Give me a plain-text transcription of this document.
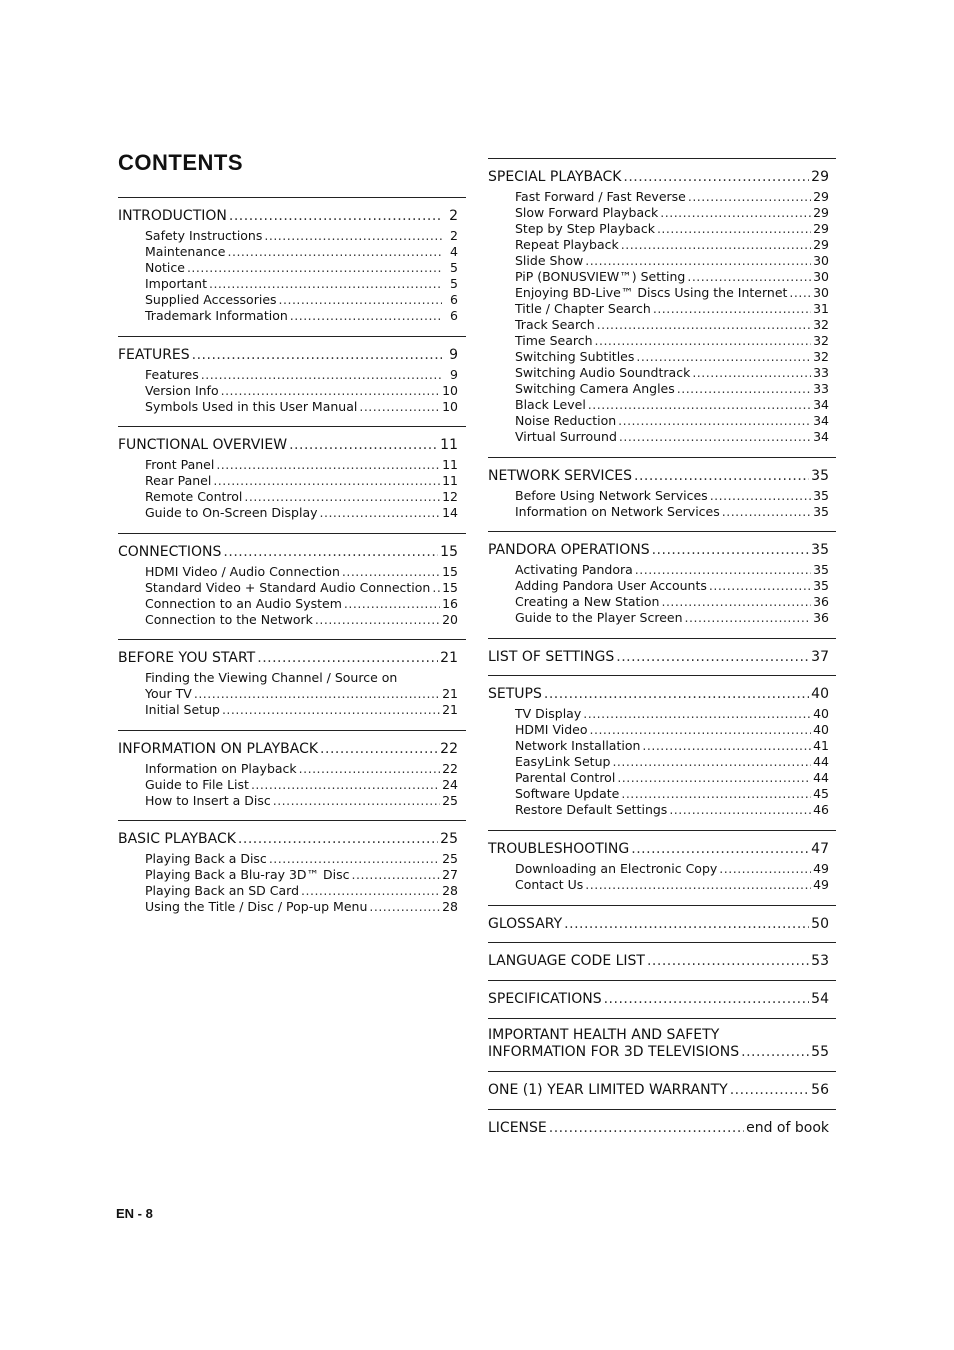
CONTENTS
INTRODUCTION .....	2
Safety Instructions .....	2
Maintenance .....	4
Notice .....	5
Important .....	5
Supplied Accessories .....	6
Trademark Information .....	6
FEATURES .....	9
Features .....	9
Version Info .....	10
Symbols Used in this User Manual .....	10
FUNCTIONAL OVERVIEW .....	11
Front Panel .....	11
Rear Panel .....	11
Remote Control .....	12
Guide to On-Screen Display .....	14
CONNECTIONS .....	15
HDMI Video / Audio Connection .....	15
Standard Video + Standard Audio Connection ..... 15
Connection to an Audio System .....	16
Connection to the Network .....	20
BEFORE YOU START .....	21
Finding the Viewing Channel / Source on
Your TV .....	21
Initial Setup .....	21
INFORMATION ON PLAYBACK .....	22
Information on Playback .....	22
Guide to File List .....	24
How to Insert a Disc .....	25
BASIC PLAYBACK .....	25
Playing Back a Disc .....	25
Playing Back a Blu-ray 3D™ Disc .....	27
Playing Back an SD Card .....	28
Using the Title / Disc / Pop-up Menu .....	28
SPECIAL PLAYBACK .....	29
Fast Forward / Fast Reverse .....	29
Slow Forward Playback .....	29
Step by Step Playback .....	29
Repeat Playback .....	29
Slide Show .....	30
PiP (BONUSVIEW™) Setting .....	30
Enjoying BD-Live™ Discs Using the Internet ..... 30
Title / Chapter Search .....	31
Track Search .....	32
Time Search .....	32
Switching Subtitles .....	32
Switching Audio Soundtrack .....	33
Switching Camera Angles .....	33
Black Level .....	34
Noise Reduction .....	34
Virtual Surround .....	34
NETWORK SERVICES .....	35
Before Using Network Services .....	35
Information on Network Services .....	35
PANDORA OPERATIONS .....	35
Activating Pandora .....	35
Adding Pandora User Accounts .....	35
Creating a New Station .....	36
Guide to the Player Screen .....	36
LIST OF SETTINGS .....	37
SETUPS .....	40
TV Display .....	40
HDMI Video .....	40
Network Installation .....	41
EasyLink Setup .....	44
Parental Control .....	44
Software Update .....	45
Restore Default Settings .....	46
TROUBLESHOOTING .....	47
Downloading an Electronic Copy .....	49
Contact Us .....	49
GLOSSARY .....	50
LANGUAGE CODE LIST .....	53
SPECIFICATIONS .....	54
IMPORTANT HEALTH AND SAFETY
INFORMATION FOR 3D TELEVISIONS .....	55
ONE (1) YEAR LIMITED WARRANTY .....	56
LICENSE .....	end of book
EN - 8
